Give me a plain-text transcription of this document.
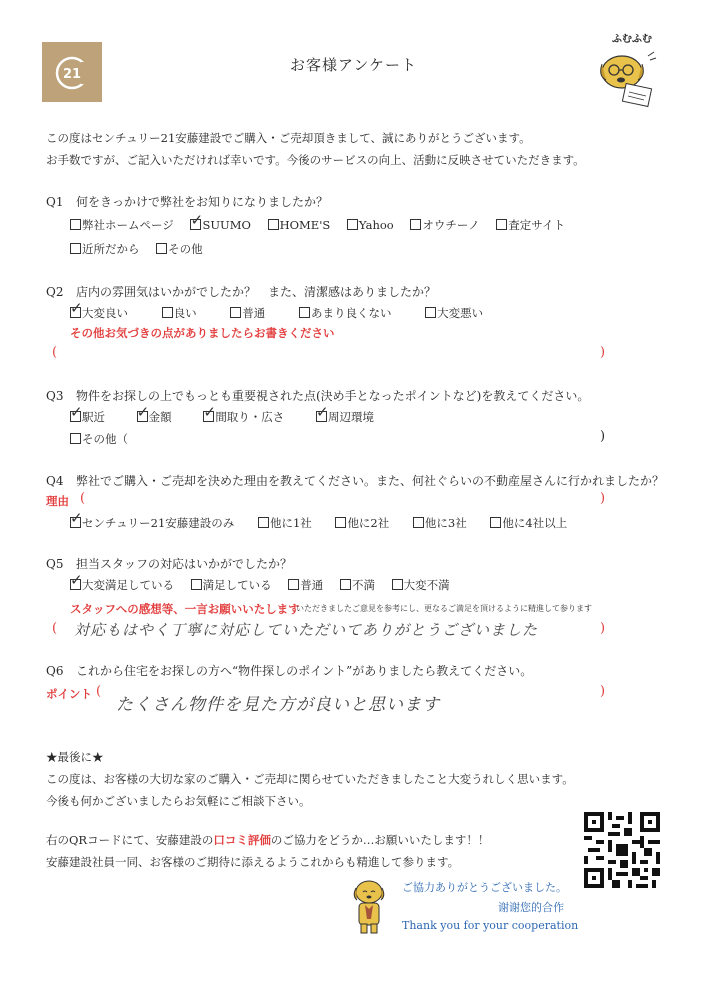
21
お客様アンケート
ふむふむ
この度はセンチュリー21安藤建設でご購入・ご売却頂きまして、誠にありがとうございます。
お手数ですが、ご記入いただければ幸いです。今後のサービスの向上、活動に反映させていただきます。
Q1 何をきっかけで弊社をお知りになりましたか？
弊社ホームページ ✓ SUUMO HOME'S Yahoo オウチーノ 査定サイト
近所だから その他
Q2 店内の雰囲気はいかがでしたか？　また、清潔感はありましたか？
✓ 大変良い	良い	普通	あまり良くない	大変悪い
その他お気づきの点がありましたらお書きください
(	)
Q3 物件をお探しの上でもっとも重要視された点(決め手となったポイントなど)を教えてください。
✓ 駅近 ✓ 金額 ✓ 間取り・広さ ✓ 周辺環境
その他（	)
Q4 弊社でご購入・ご売却を決めた理由を教えてください。また、何社ぐらいの不動産屋さんに行かれましたか？
理由 (	)
✓ センチュリー21安藤建設のみ	他に1社	他に2社	他に3社	他に4社以上
Q5 担当スタッフの対応はいかがでしたか？
✓ 大変満足している 満足している 普通 不満 大変不満
スタッフへの感想等、一言お願いいたします
いただきましたご意見を参考にし、更なるご満足を頂けるように精進して参ります
(	)
対応もはやく丁寧に対応していただいてありがとうございました
Q6 これから住宅をお探しの方へ“物件探しのポイント”がありましたら教えてください。
ポイント (	)
たくさん物件を見た方が良いと思います
★最後に★
この度は、お客様の大切な家のご購入・ご売却に関らせていただきましたこと大変うれしく思います。
今後も何かございましたらお気軽にご相談下さい。
右のQRコードにて、安藤建設の口コミ評価のご協力をどうか…お願いいたします！！
安藤建設社員一同、お客様のご期待に添えるようこれからも精進して参ります。
ご協力ありがとうございました。
谢谢您的合作
Thank you for your cooperation
